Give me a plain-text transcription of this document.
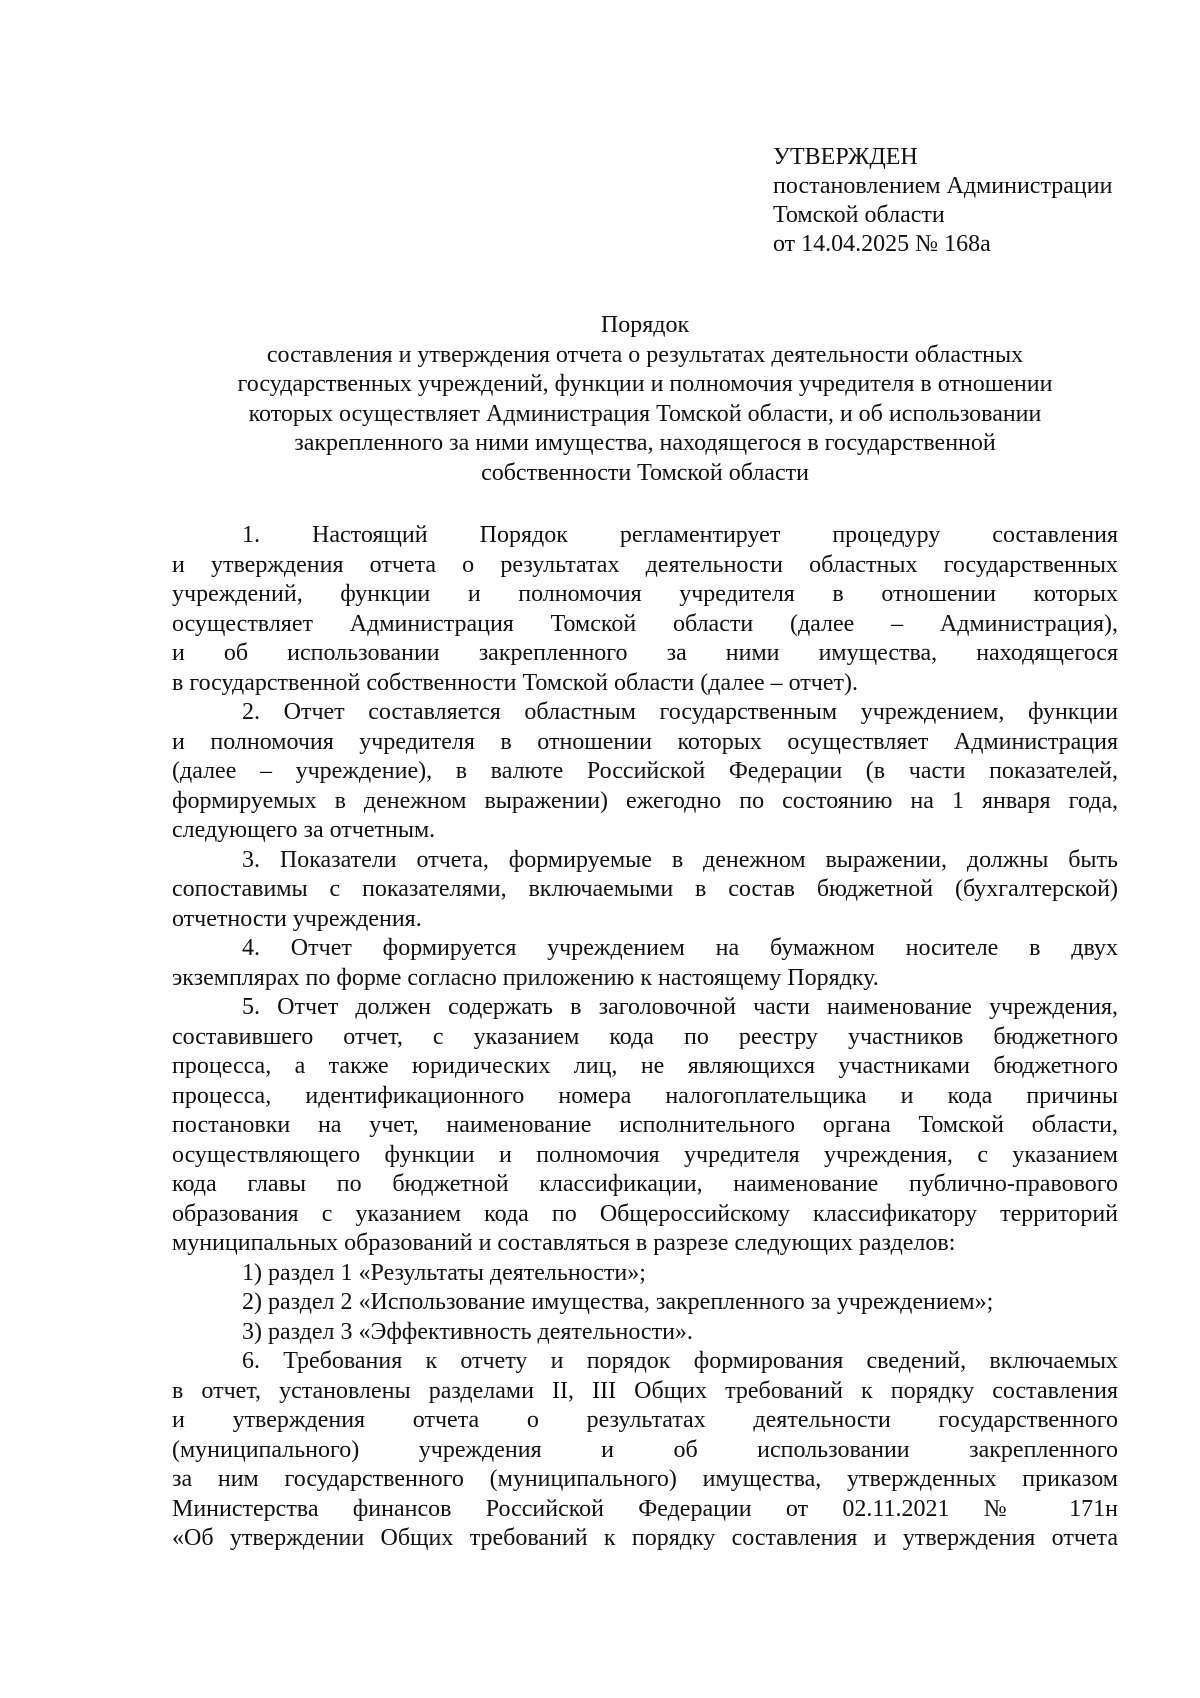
УТВЕРЖДЕН
постановлением Администрации
Томской области
от 14.04.2025 № 168а
Порядок
составления и утверждения отчета о результатах деятельности областных
государственных учреждений, функции и полномочия учредителя в отношении
которых осуществляет Администрация Томской области, и об использовании
закрепленного за ними имущества, находящегося в государственной
собственности Томской области
1. Настоящий Порядок регламентирует процедуру составления
и утверждения отчета о результатах деятельности областных государственных
учреждений, функции и полномочия учредителя в отношении которых
осуществляет Администрация Томской области (далее – Администрация),
и об использовании закрепленного за ними имущества, находящегося
в государственной собственности Томской области (далее – отчет).
2. Отчет составляется областным государственным учреждением, функции
и полномочия учредителя в отношении которых осуществляет Администрация
(далее – учреждение), в валюте Российской Федерации (в части показателей,
формируемых в денежном выражении) ежегодно по состоянию на 1 января года,
следующего за отчетным.
3. Показатели отчета, формируемые в денежном выражении, должны быть
сопоставимы с показателями, включаемыми в состав бюджетной (бухгалтерской)
отчетности учреждения.
4. Отчет формируется учреждением на бумажном носителе в двух
экземплярах по форме согласно приложению к настоящему Порядку.
5. Отчет должен содержать в заголовочной части наименование учреждения,
составившего отчет, с указанием кода по реестру участников бюджетного
процесса, а также юридических лиц, не являющихся участниками бюджетного
процесса, идентификационного номера налогоплательщика и кода причины
постановки на учет, наименование исполнительного органа Томской области,
осуществляющего функции и полномочия учредителя учреждения, с указанием
кода главы по бюджетной классификации, наименование публично-правового
образования с указанием кода по Общероссийскому классификатору территорий
муниципальных образований и составляться в разрезе следующих разделов:
1) раздел 1 «Результаты деятельности»;
2) раздел 2 «Использование имущества, закрепленного за учреждением»;
3) раздел 3 «Эффективность деятельности».
6. Требования к отчету и порядок формирования сведений, включаемых
в отчет, установлены разделами II, III Общих требований к порядку составления
и утверждения отчета о результатах деятельности государственного
(муниципального) учреждения и об использовании закрепленного
за ним государственного (муниципального) имущества, утвержденных приказом
Министерства финансов Российской Федерации от 02.11.2021 № 171н
«Об утверждении Общих требований к порядку составления и утверждения отчета
